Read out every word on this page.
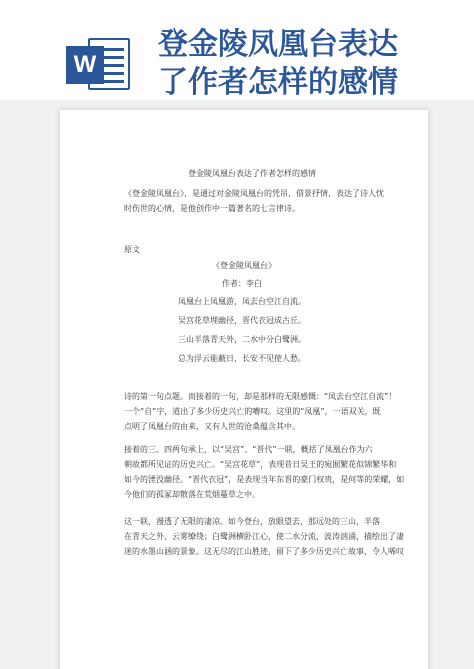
W
登金陵凤凰台表达
了作者怎样的感情
登金陵凤凰台表达了作者怎样的感情
《登金陵凤凰台》，是通过对金陵凤凰台的凭吊，借景抒情，表达了诗人忧
时伤世的心情，是他创作中一篇著名的七言律诗。
原文
《登金陵凤凰台》
作者：李白
凤凰台上凤凰游，凤去台空江自流。
吴宫花草埋幽径，晋代衣冠成古丘。
三山半落青天外，二水中分白鹭洲。
总为浮云能蔽日，长安不见使人愁。
诗的第一句点题。而接着的一句，却是那样的无限感慨：“凤去台空江自流”！
一个“自”字，道出了多少历史兴亡的嘈叹。这里的“凤凰”，一语双关，既
点明了凤凰台的由来，又有人世的沧桑蕴含其中。
接着的三、四两句承上，以“吴宫”、“晋代”一联，概括了凤凰台作为六
朝故都所见证的历史兴亡。“吴宫花草”，表现昔日吴王的宛囿繁花似锦繁华和
如今的湮没幽径。“晋代衣冠”，是表现当年东晋的豪门权贵，是何等的荣耀，如
今他们的孤冢却散落在荒烟蔓草之中。
这一联，漫透了无限的凄凉。如今登台，放眼望去，那远处的三山，半落
在青天之外，云雾缭绕；白鹭洲横卧江心，使二水分流，波涛汹涌，描绘出了凄
迷的水墨山涵的景象。这无尽的江山胜迹，留下了多少历史兴亡故事，令人唏叹
